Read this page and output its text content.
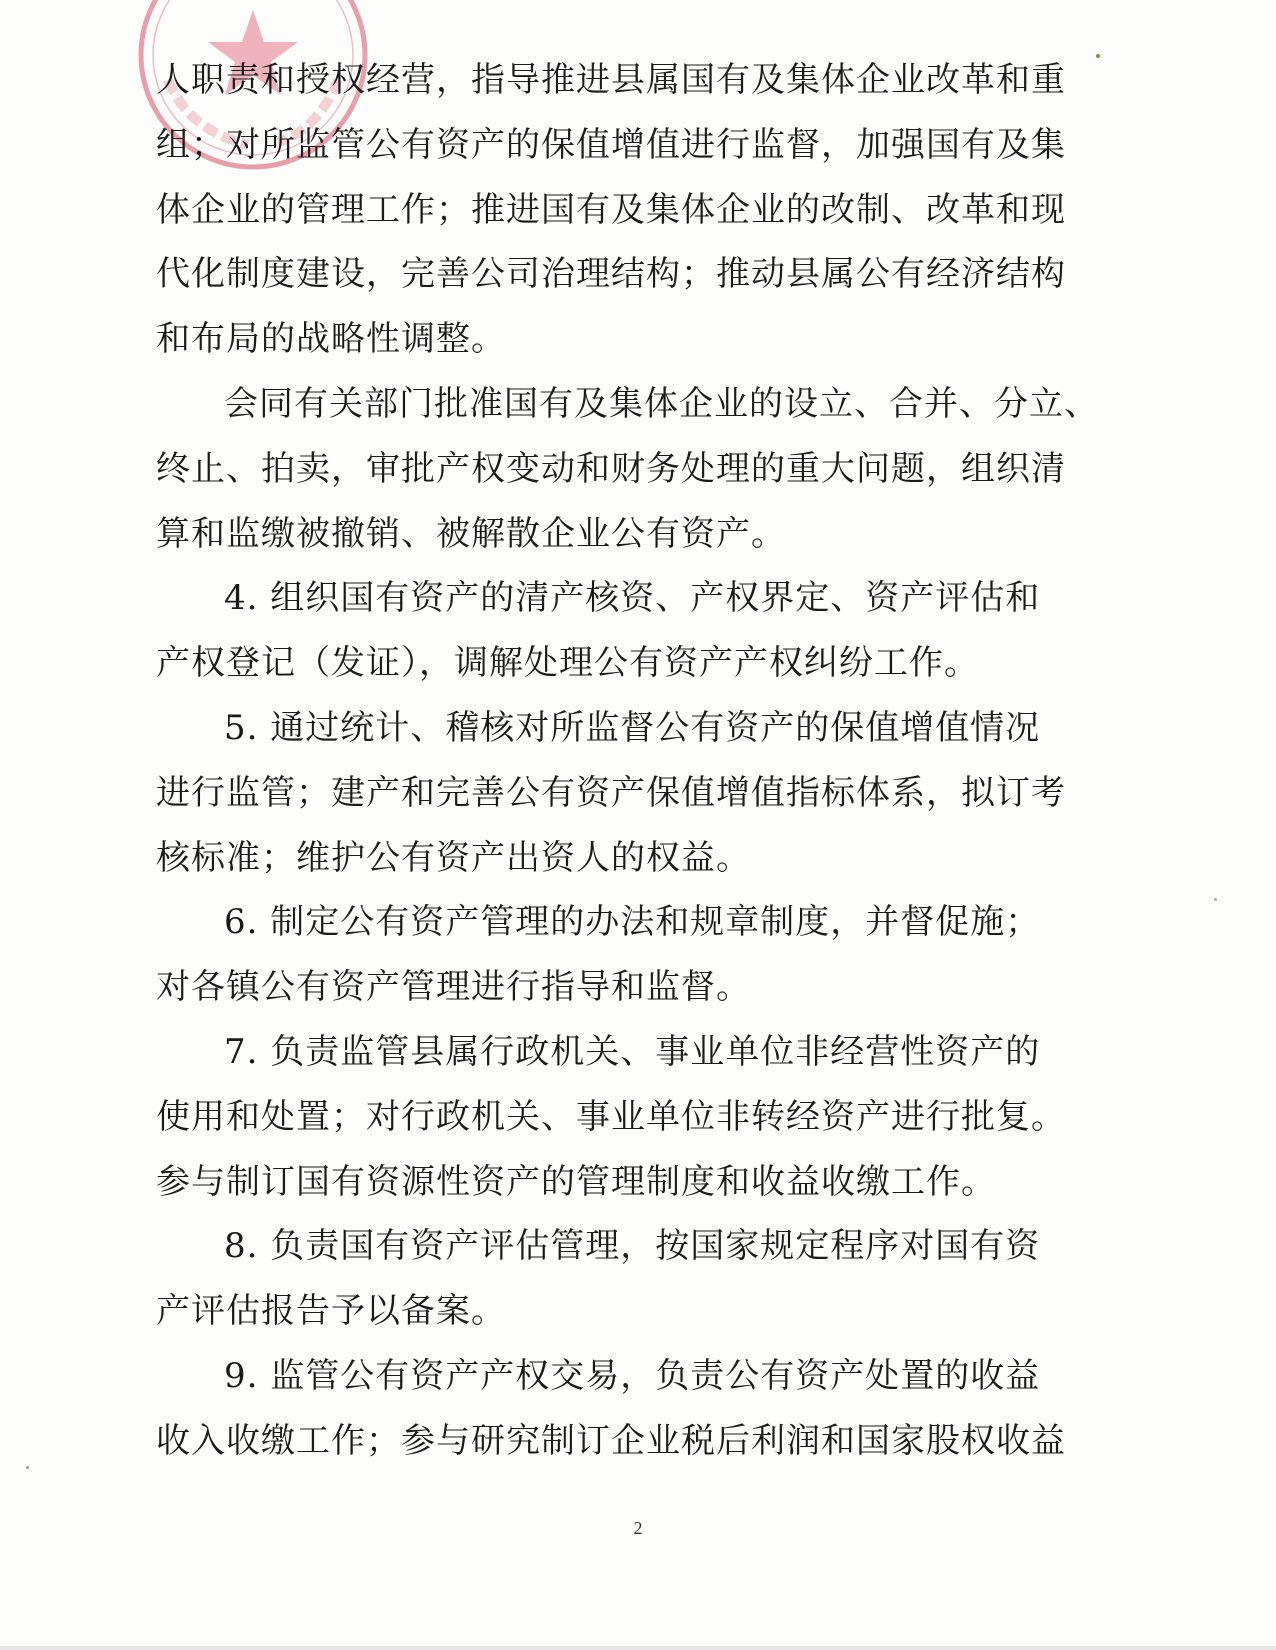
人职责和授权经营，指导推进县属国有及集体企业改革和重
组；对所监管公有资产的保值增值进行监督，加强国有及集
体企业的管理工作；推进国有及集体企业的改制、改革和现
代化制度建设，完善公司治理结构；推动县属公有经济结构
和布局的战略性调整。
会同有关部门批准国有及集体企业的设立、合并、分立、
终止、拍卖，审批产权变动和财务处理的重大问题，组织清
算和监缴被撤销、被解散企业公有资产。
4. 组织国有资产的清产核资、产权界定、资产评估和
产权登记（发证），调解处理公有资产产权纠纷工作。
5. 通过统计、稽核对所监督公有资产的保值增值情况
进行监管；建产和完善公有资产保值增值指标体系，拟订考
核标准；维护公有资产出资人的权益。
6. 制定公有资产管理的办法和规章制度，并督促施；
对各镇公有资产管理进行指导和监督。
7. 负责监管县属行政机关、事业单位非经营性资产的
使用和处置；对行政机关、事业单位非转经资产进行批复。
参与制订国有资源性资产的管理制度和收益收缴工作。
8. 负责国有资产评估管理，按国家规定程序对国有资
产评估报告予以备案。
9. 监管公有资产产权交易，负责公有资产处置的收益
收入收缴工作；参与研究制订企业税后利润和国家股权收益
2
